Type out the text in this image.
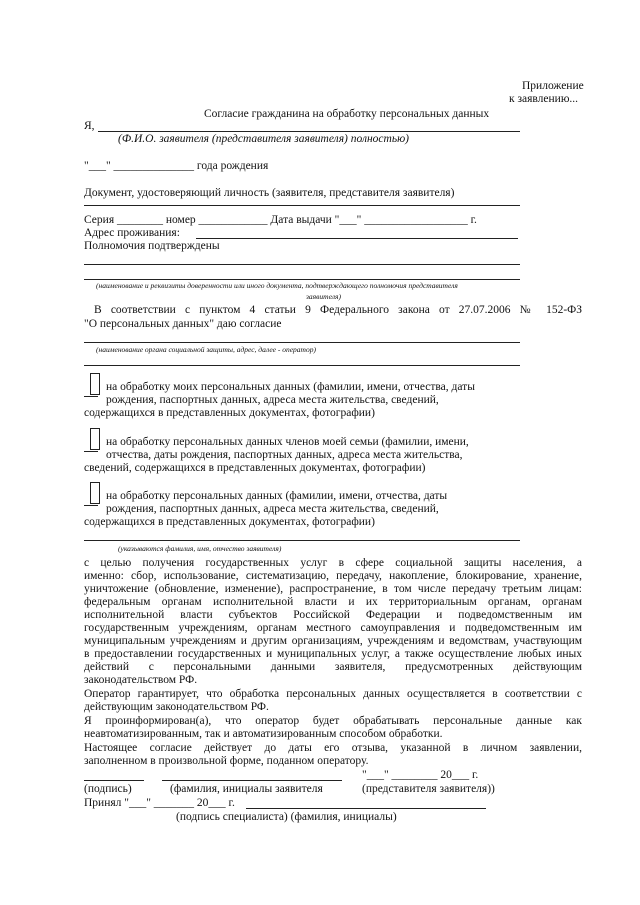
Приложение
к заявлению...
Согласие гражданина на обработку персональных данных
Я,
(Ф.И.О. заявителя (представителя заявителя) полностью)
"___" ______________ года рождения
Документ, удостоверяющий личность (заявителя, представителя заявителя)
Серия ________ номер ____________ Дата выдачи "___" __________________ г.
Адрес проживания:
Полномочия подтверждены
(наименование и реквизиты доверенности или иного документа, подтверждающего полномочия представителя
заявителя)
В соответствии с пунктом 4 статьи 9 Федерального закона от 27.07.2006 № 152-ФЗ
"О персональных данных" даю согласие
(наименование органа социальной защиты, адрес, далее - оператор)
на обработку моих персональных данных (фамилии, имени, отчества, даты
рождения, паспортных данных, адреса места жительства, сведений,
содержащихся в представленных документах, фотографии)
на обработку персональных данных членов моей семьи (фамилии, имени,
отчества, даты рождения, паспортных данных, адреса места жительства,
сведений, содержащихся в представленных документах, фотографии)
на обработку персональных данных (фамилии, имени, отчества, даты
рождения, паспортных данных, адреса места жительства, сведений,
содержащихся в представленных документах, фотографии)
(указываются фамилия, имя, отчество заявителя)
с целью получения государственных услуг в сфере социальной защиты населения, а
именно: сбор, использование, систематизацию, передачу, накопление, блокирование, хранение,
уничтожение (обновление, изменение), распространение, в том числе передачу третьим лицам:
федеральным органам исполнительной власти и их территориальным органам, органам
исполнительной власти субъектов Российской Федерации и подведомственным им
государственным учреждениям, органам местного самоуправления и подведомственным им
муниципальным учреждениям и другим организациям, учреждениям и ведомствам, участвующим
в предоставлении государственных и муниципальных услуг, а также осуществление любых иных
действий с персональными данными заявителя, предусмотренных действующим
законодательством РФ.
Оператор гарантирует, что обработка персональных данных осуществляется в соответствии с
действующим законодательством РФ.
Я проинформирован(а), что оператор будет обрабатывать персональные данные как
неавтоматизированным, так и автоматизированным способом обработки.
Настоящее согласие действует до даты его отзыва, указанной в личном заявлении,
заполненном в произвольной форме, поданном оператору.
"___" ________ 20___ г.
(подпись)	(фамилия, инициалы заявителя	(представителя заявителя))
Принял "___" _______ 20___ г.
(подпись специалиста) (фамилия, инициалы)
